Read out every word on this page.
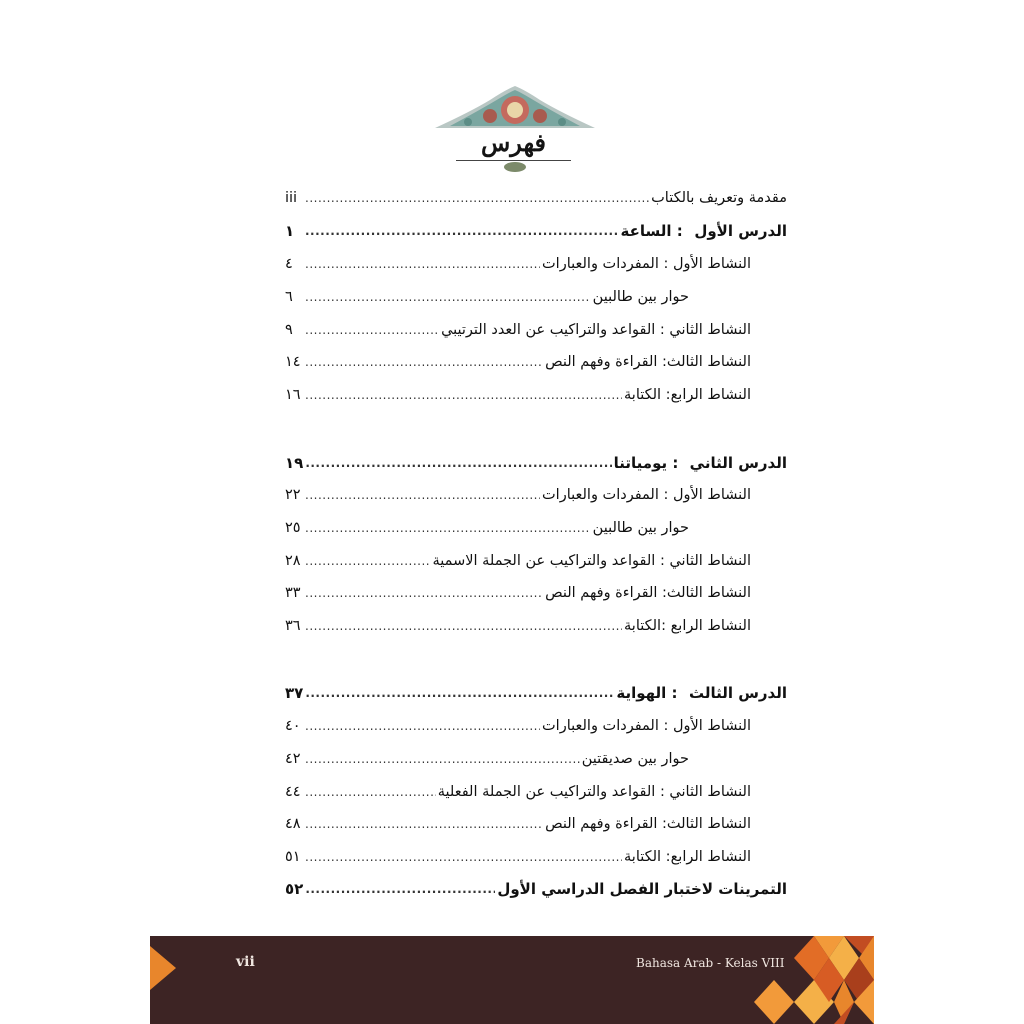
فهرس
مقدمة وتعريف بالكتاب
.....
iii
الدرس الأول
: الساعة
.....
١
النشاط الأول : المفردات والعبارات
.....
٤
حوار بين طالبين
.....
٦
النشاط الثاني : القواعد والتراكيب عن العدد الترتيبي
.....
٩
النشاط الثالث: القراءة وفهم النص
.....
١٤
النشاط الرابع: الكتابة
.....
١٦
الدرس الثاني
: يومياتنا
.....
١٩
النشاط الأول : المفردات والعبارات
.....
٢٢
حوار بين طالبين
.....
٢٥
النشاط الثاني : القواعد والتراكيب عن الجملة الاسمية
.....
٢٨
النشاط الثالث: القراءة وفهم النص
.....
٣٣
النشاط الرابع :الكتابة
.....
٣٦
الدرس الثالث
: الهواية
.....
٣٧
النشاط الأول : المفردات والعبارات
.....
٤٠
حوار بين صديقتين
.....
٤٢
النشاط الثاني : القواعد والتراكيب عن الجملة الفعلية
.....
٤٤
النشاط الثالث: القراءة وفهم النص
.....
٤٨
النشاط الرابع: الكتابة
.....
٥١
التمرينات لاختبار الفصل الدراسي الأول
.....
٥٢
vii	Bahasa Arab - Kelas VIII
